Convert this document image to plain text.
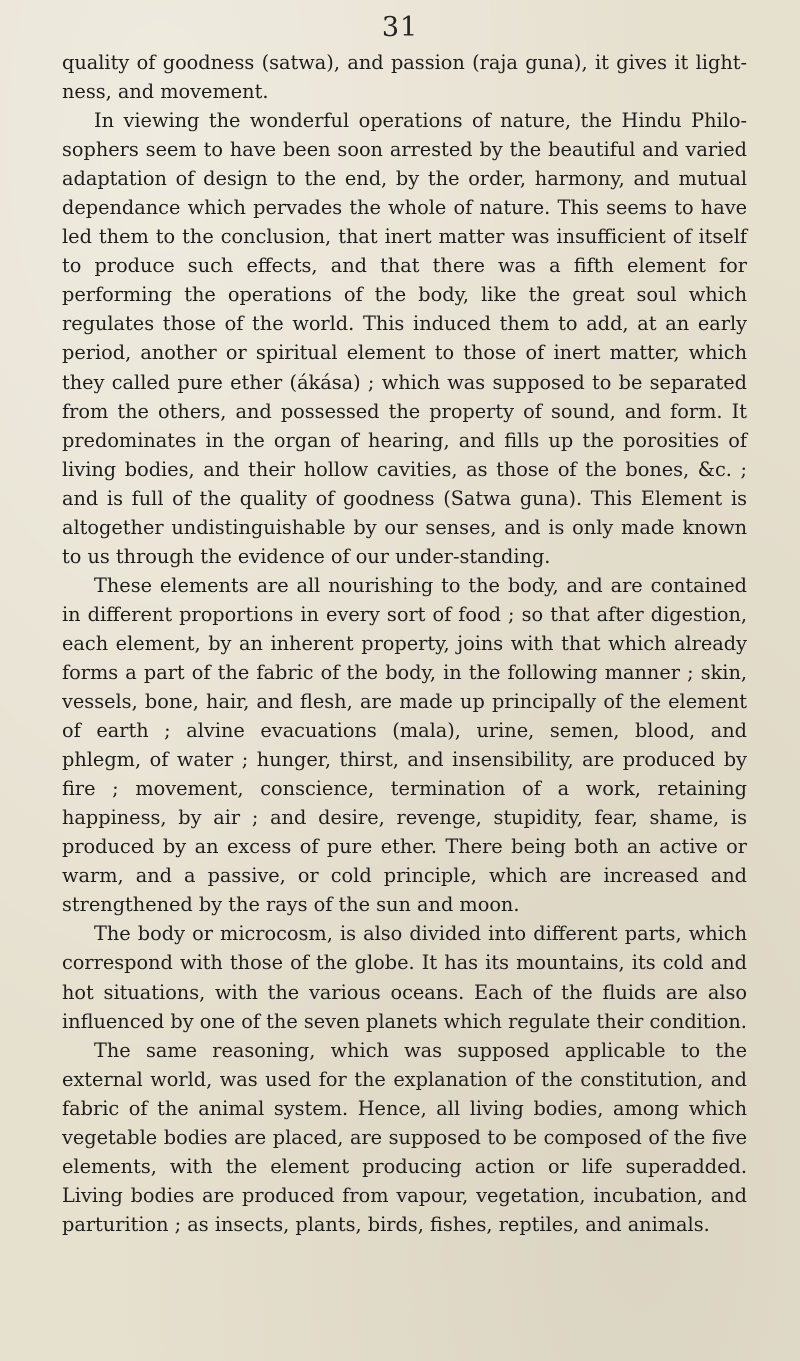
31

quality of goodness (satwa), and passion (raja guna), it gives it light-ness, and movement.

In viewing the wonderful operations of nature, the Hindu Philo-sophers seem to have been soon arrested by the beautiful and varied adaptation of design to the end, by the order, harmony, and mutual dependance which pervades the whole of nature. This seems to have led them to the conclusion, that inert matter was insufficient of itself to produce such effects, and that there was a fifth element for performing the operations of the body, like the great soul which regulates those of the world. This induced them to add, at an early period, another or spiritual element to those of inert matter, which they called pure ether (ákása) ; which was supposed to be separated from the others, and possessed the property of sound, and form. It predominates in the organ of hearing, and fills up the porosities of living bodies, and their hollow cavities, as those of the bones, &c. ; and is full of the quality of goodness (Satwa guna). This Element is altogether undistinguishable by our senses, and is only made known to us through the evidence of our under-standing.

These elements are all nourishing to the body, and are contained in different proportions in every sort of food ; so that after digestion, each element, by an inherent property, joins with that which already forms a part of the fabric of the body, in the following manner ; skin, vessels, bone, hair, and flesh, are made up principally of the element of earth ; alvine evacuations (mala), urine, semen, blood, and phlegm, of water ; hunger, thirst, and insensibility, are produced by fire ; movement, conscience, termination of a work, retaining happiness, by air ; and desire, revenge, stupidity, fear, shame, is produced by an excess of pure ether. There being both an active or warm, and a passive, or cold principle, which are increased and strengthened by the rays of the sun and moon.

The body or microcosm, is also divided into different parts, which correspond with those of the globe. It has its mountains, its cold and hot situations, with the various oceans. Each of the fluids are also influenced by one of the seven planets which regulate their condition.

The same reasoning, which was supposed applicable to the external world, was used for the explanation of the constitution, and fabric of the animal system. Hence, all living bodies, among which vegetable bodies are placed, are supposed to be composed of the five elements, with the element producing action or life superadded. Living bodies are produced from vapour, vegetation, incubation, and parturition ; as insects, plants, birds, fishes, reptiles, and animals.
